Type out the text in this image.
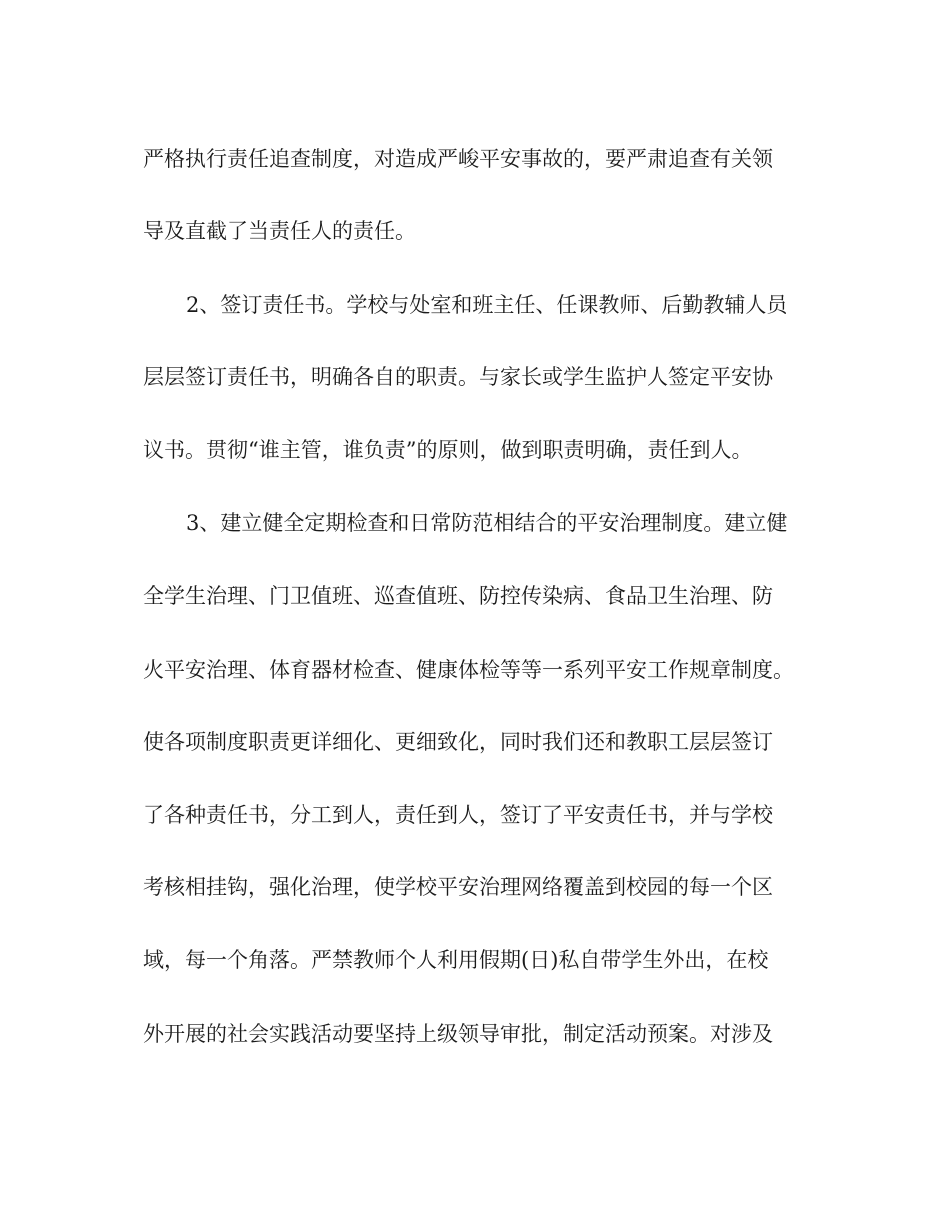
严格执行责任追查制度，对造成严峻平安事故的，要严肃追查有关领

导及直截了当责任人的责任。

2、签订责任书。学校与处室和班主任、任课教师、后勤教辅人员

层层签订责任书，明确各自的职责。与家长或学生监护人签定平安协

议书。贯彻“谁主管，谁负责”的原则，做到职责明确，责任到人。

3、建立健全定期检查和日常防范相结合的平安治理制度。建立健

全学生治理、门卫值班、巡查值班、防控传染病、食品卫生治理、防

火平安治理、体育器材检查、健康体检等等一系列平安工作规章制度。

使各项制度职责更详细化、更细致化，同时我们还和教职工层层签订

了各种责任书，分工到人，责任到人，签订了平安责任书，并与学校

考核相挂钩，强化治理，使学校平安治理网络覆盖到校园的每一个区

域，每一个角落。严禁教师个人利用假期(日)私自带学生外出，在校

外开展的社会实践活动要坚持上级领导审批，制定活动预案。对涉及
